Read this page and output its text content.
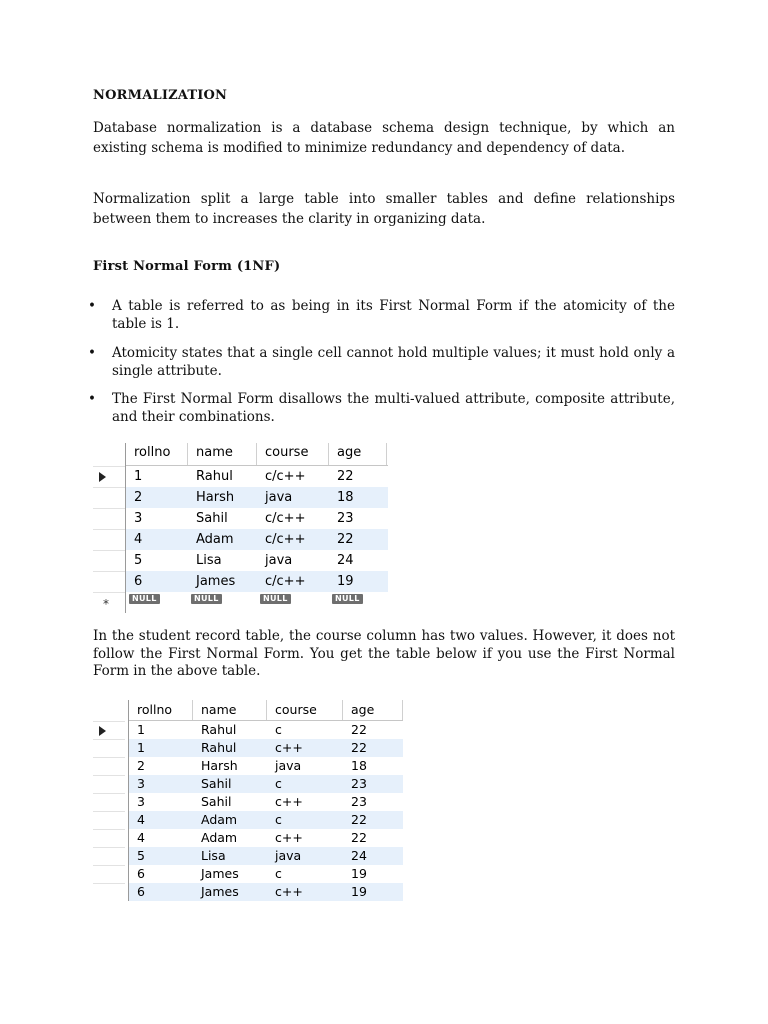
NORMALIZATION

Database normalization is a database schema design technique, by which an existing schema is modified to minimize redundancy and dependency of data.

Normalization split a large table into smaller tables and define relationships between them to increases the clarity in organizing data.

First Normal Form (1NF)
• A table is referred to as being in its First Normal Form if the atomicity of the table is 1.
• Atomicity states that a single cell cannot hold multiple values; it must hold only a single attribute.
• The First Normal Form disallows the multi-valued attribute, composite attribute, and their combinations.
rollno	name	course	age
1	Rahul	c/c++	22
2	Harsh	java	18
3	Sahil	c/c++	23
4	Adam	c/c++	22
5	Lisa	java	24
6	James	c/c++	19
*	NULL	NULL	NULL	NULL

In the student record table, the course column has two values. However, it does not follow the First Normal Form. You get the table below if you use the First Normal Form in the above table.

rollno	name	course	age
1	Rahul	c	22
1	Rahul	c++	22
2	Harsh	java	18
3	Sahil	c	23
3	Sahil	c++	23
4	Adam	c	22
4	Adam	c++	22
5	Lisa	java	24
6	James	c	19
6	James	c++	19
